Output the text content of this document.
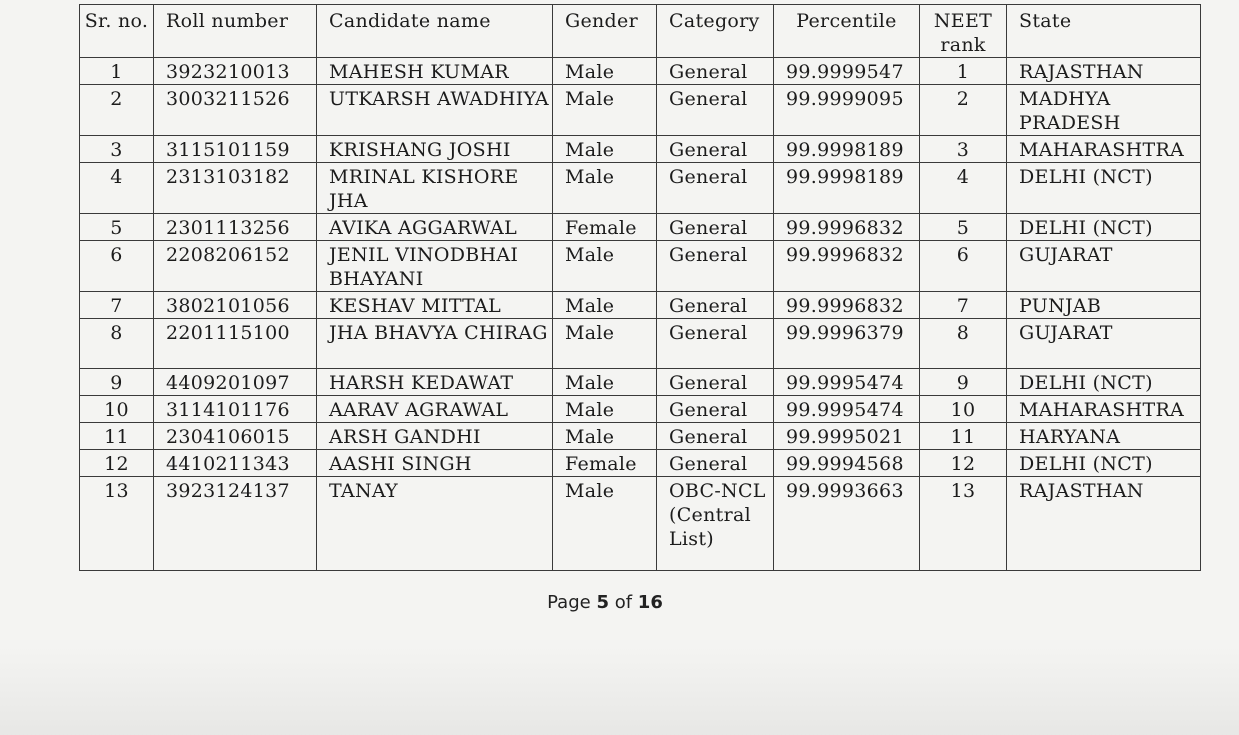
Sr. no.	Roll number	Candidate name	Gender	Category	Percentile	NEET rank	State
1	3923210013	MAHESH KUMAR	Male	General	99.9999547	1	RAJASTHAN
2	3003211526	UTKARSH AWADHIYA	Male	General	99.9999095	2	MADHYA PRADESH
3	3115101159	KRISHANG JOSHI	Male	General	99.9998189	3	MAHARASHTRA
4	2313103182	MRINAL KISHORE JHA	Male	General	99.9998189	4	DELHI (NCT)
5	2301113256	AVIKA AGGARWAL	Female	General	99.9996832	5	DELHI (NCT)
6	2208206152	JENIL VINODBHAI BHAYANI	Male	General	99.9996832	6	GUJARAT
7	3802101056	KESHAV MITTAL	Male	General	99.9996832	7	PUNJAB
8	2201115100	JHA BHAVYA CHIRAG	Male	General	99.9996379	8	GUJARAT
9	4409201097	HARSH KEDAWAT	Male	General	99.9995474	9	DELHI (NCT)
10	3114101176	AARAV AGRAWAL	Male	General	99.9995474	10	MAHARASHTRA
11	2304106015	ARSH GANDHI	Male	General	99.9995021	11	HARYANA
12	4410211343	AASHI SINGH	Female	General	99.9994568	12	DELHI (NCT)
13	3923124137	TANAY	Male	OBC-NCL (Central List)	99.9993663	13	RAJASTHAN
Page 5 of 16
